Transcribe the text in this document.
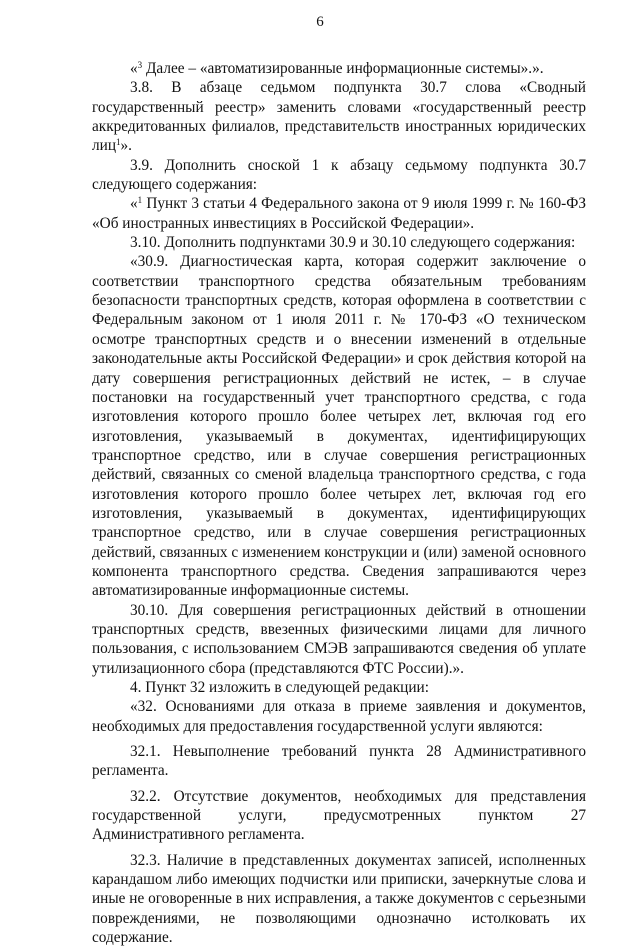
6

«$^3$ Далее – «автоматизированные информационные системы».».

3.8. В абзаце седьмом подпункта 30.7 слова «Сводный государственный реестр» заменить словами «государственный реестр аккредитованных филиалов, представительств иностранных юридических лиц$^1$».

3.9. Дополнить сноской 1 к абзацу седьмому подпункта 30.7 следующего содержания:

«$^1$ Пункт 3 статьи 4 Федерального закона от 9 июля 1999 г. № 160-ФЗ «Об иностранных инвестициях в Российской Федерации».

3.10. Дополнить подпунктами 30.9 и 30.10 следующего содержания:

«30.9. Диагностическая карта, которая содержит заключение о соответствии транспортного средства обязательным требованиям безопасности транспортных средств, которая оформлена в соответствии с Федеральным законом от 1 июля 2011 г. № 170-ФЗ «О техническом осмотре транспортных средств и о внесении изменений в отдельные законодательные акты Российской Федерации» и срок действия которой на дату совершения регистрационных действий не истек, – в случае постановки на государственный учет транспортного средства, с года изготовления которого прошло более четырех лет, включая год его изготовления, указываемый в документах, идентифицирующих транспортное средство, или в случае совершения регистрационных действий, связанных со сменой владельца транспортного средства, с года изготовления которого прошло более четырех лет, включая год его изготовления, указываемый в документах, идентифицирующих транспортное средство, или в случае совершения регистрационных действий, связанных с изменением конструкции и (или) заменой основного компонента транспортного средства. Сведения запрашиваются через автоматизированные информационные системы.

30.10. Для совершения регистрационных действий в отношении транспортных средств, ввезенных физическими лицами для личного пользования, с использованием СМЭВ запрашиваются сведения об уплате утилизационного сбора (представляются ФТС России).».

4. Пункт 32 изложить в следующей редакции:

«32. Основаниями для отказа в приеме заявления и документов, необходимых для предоставления государственной услуги являются:

32.1. Невыполнение требований пункта 28 Административного регламента.

32.2. Отсутствие документов, необходимых для представления государственной услуги, предусмотренных пунктом 27 Административного регламента.

32.3. Наличие в представленных документах записей, исполненных карандашом либо имеющих подчистки или приписки, зачеркнутые слова и иные не оговоренные в них исправления, а также документов с серьезными повреждениями, не позволяющими однозначно истолковать их содержание.
